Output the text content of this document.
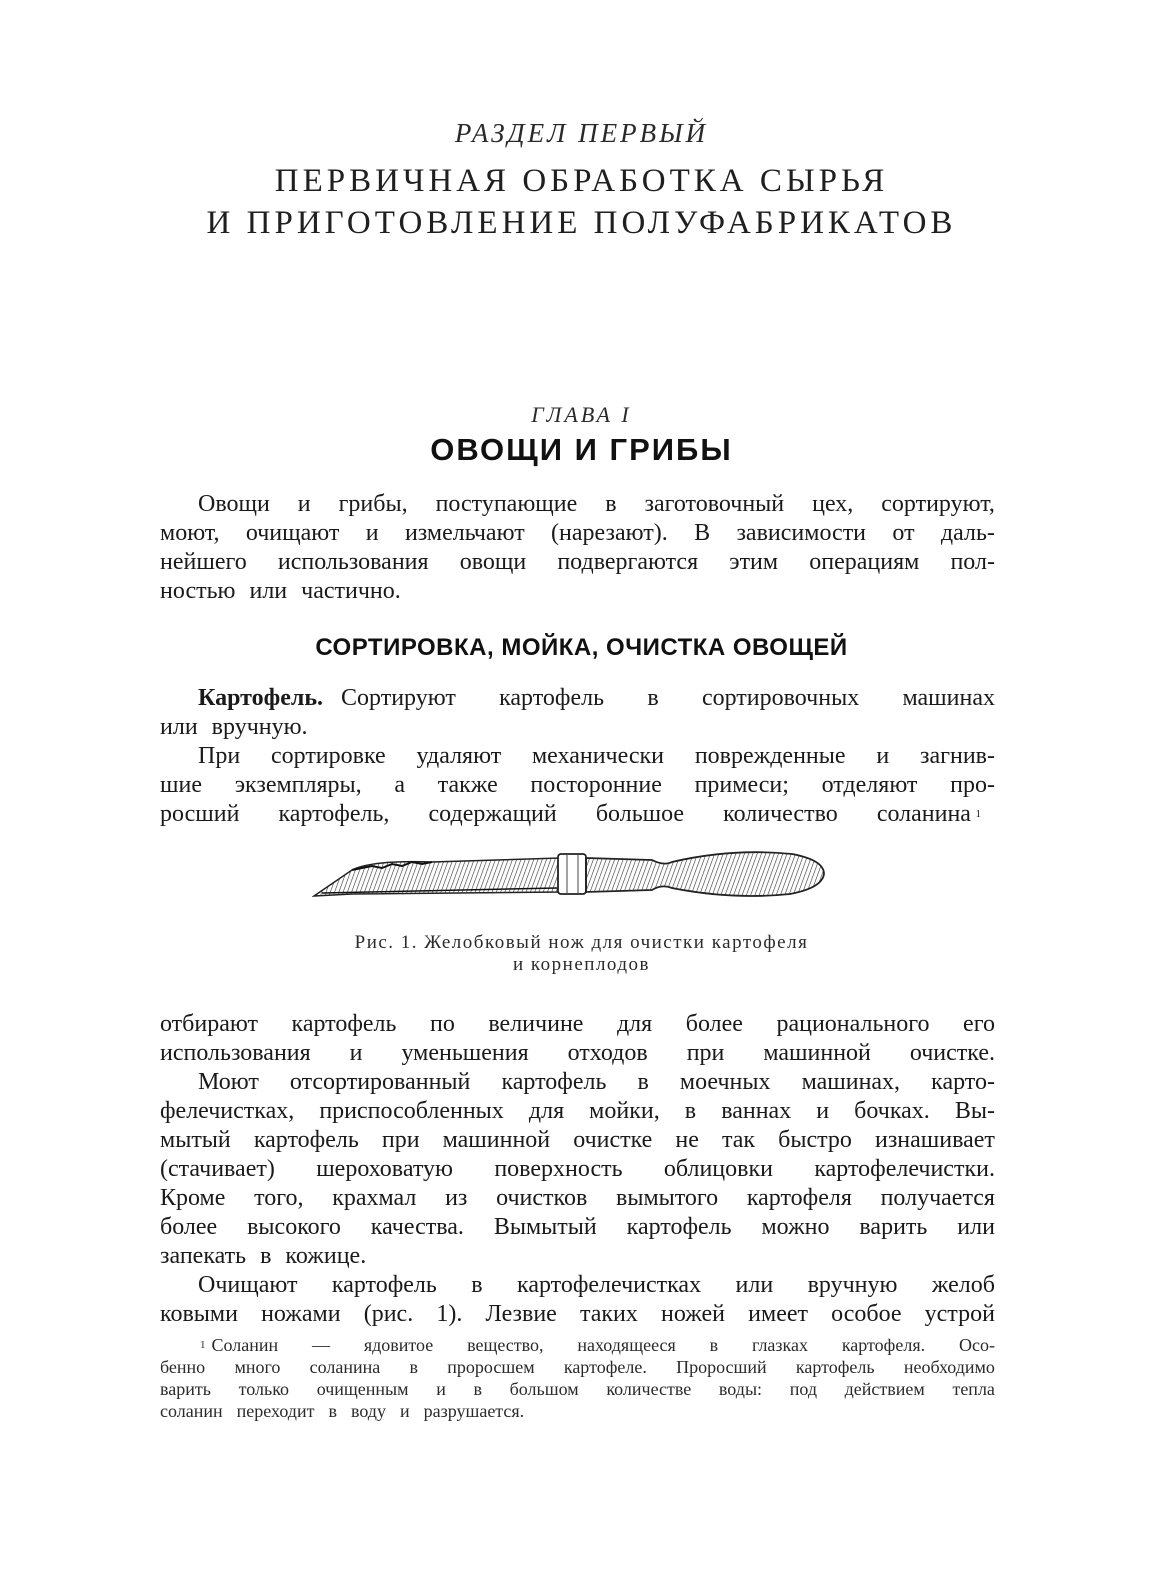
РАЗДЕЛ ПЕРВЫЙ
ПЕРВИЧНАЯ ОБРАБОТКА СЫРЬЯ
И ПРИГОТОВЛЕНИЕ ПОЛУФАБРИКАТОВ
ГЛАВА I
ОВОЩИ И ГРИБЫ
Овощи и грибы, поступающие в заготовочный цех, сортируют,
моют, очищают и измельчают (нарезают). В зависимости от даль-
нейшего использования овощи подвергаются этим операциям пол-
ностью или частично.
СОРТИРОВКА, МОЙКА, ОЧИСТКА ОВОЩЕЙ
Картофель. Сортируют картофель в сортировочных машинах
или вручную.
При сортировке удаляют механически поврежденные и загнив-
шие экземпляры, а также посторонние примеси; отделяют про-
росший картофель, содержащий большое количество соланина 1
Рис. 1. Желобковый нож для очистки картофеля
и корнеплодов
отбирают картофель по величине для более рационального его
использования и уменьшения отходов при машинной очистке.
Моют отсортированный картофель в моечных машинах, карто-
фелечистках, приспособленных для мойки, в ваннах и бочках. Вы-
мытый картофель при машинной очистке не так быстро изнашивает
(стачивает) шероховатую поверхность облицовки картофелечистки.
Кроме того, крахмал из очистков вымытого картофеля получается
более высокого качества. Вымытый картофель можно варить или
запекать в кожице.
Очищают картофель в картофелечистках или вручную желоб
ковыми ножами (рис. 1). Лезвие таких ножей имеет особое устрой
1 Соланин — ядовитое вещество, находящееся в глазках картофеля. Осо-
бенно много соланина в проросшем картофеле. Проросший картофель необходимо
варить только очищенным и в большом количестве воды: под действием тепла
соланин переходит в воду и разрушается.
